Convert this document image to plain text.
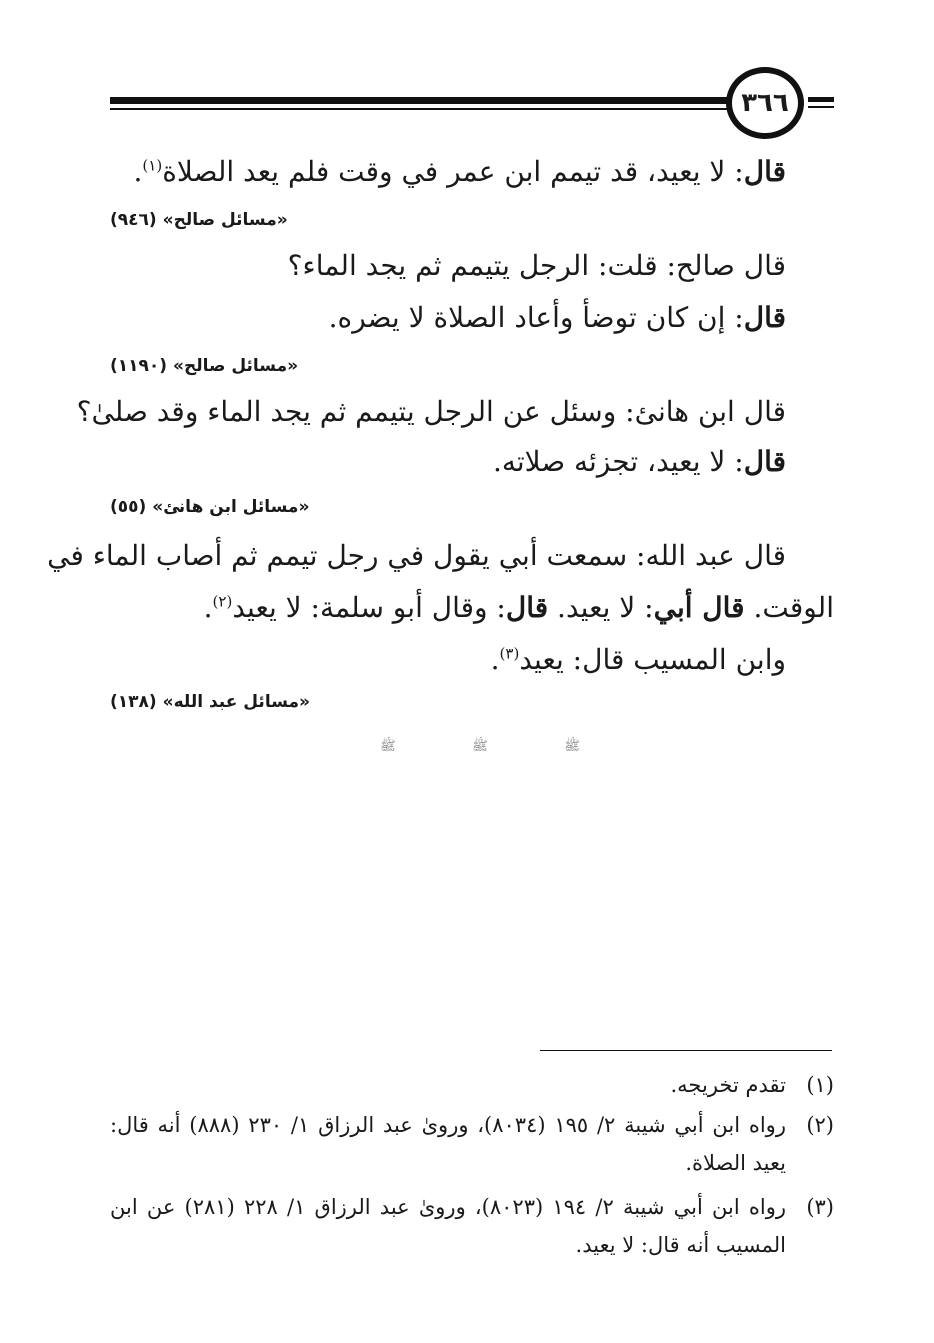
٣٦٦
قال: لا يعيد، قد تيمم ابن عمر في وقت فلم يعد الصلاة$^{(١)}$.
«مسائل صالح» (٩٤٦)
قال صالح: قلت: الرجل يتيمم ثم يجد الماء؟
قال: إن كان توضأ وأعاد الصلاة لا يضره.
«مسائل صالح» (١١٩٠)
قال ابن هانئ: وسئل عن الرجل يتيمم ثم يجد الماء وقد صلىٰ؟
قال: لا يعيد، تجزئه صلاته.
«مسائل ابن هانئ» (٥٥)
قال عبد الله: سمعت أبي يقول في رجل تيمم ثم أصاب الماء في
الوقت. قال أبي: لا يعيد. قال: وقال أبو سلمة: لا يعيد$^{(٢)}$.
وابن المسيب قال: يعيد$^{(٣)}$.
«مسائل عبد الله» (١٣٨)
ﷺ
ﷺ
ﷺ
(١)
تقدم تخريجه.
(٢)
رواه ابن أبي شيبة ٢/ ١٩٥ (٨٠٣٤)، وروىٰ عبد الرزاق ١/ ٢٣٠ (٨٨٨) أنه قال:
يعيد الصلاة.
(٣)
رواه ابن أبي شيبة ٢/ ١٩٤ (٨٠٢٣)، وروىٰ عبد الرزاق ١/ ٢٢٨ (٢٨١) عن ابن
المسيب أنه قال: لا يعيد.
